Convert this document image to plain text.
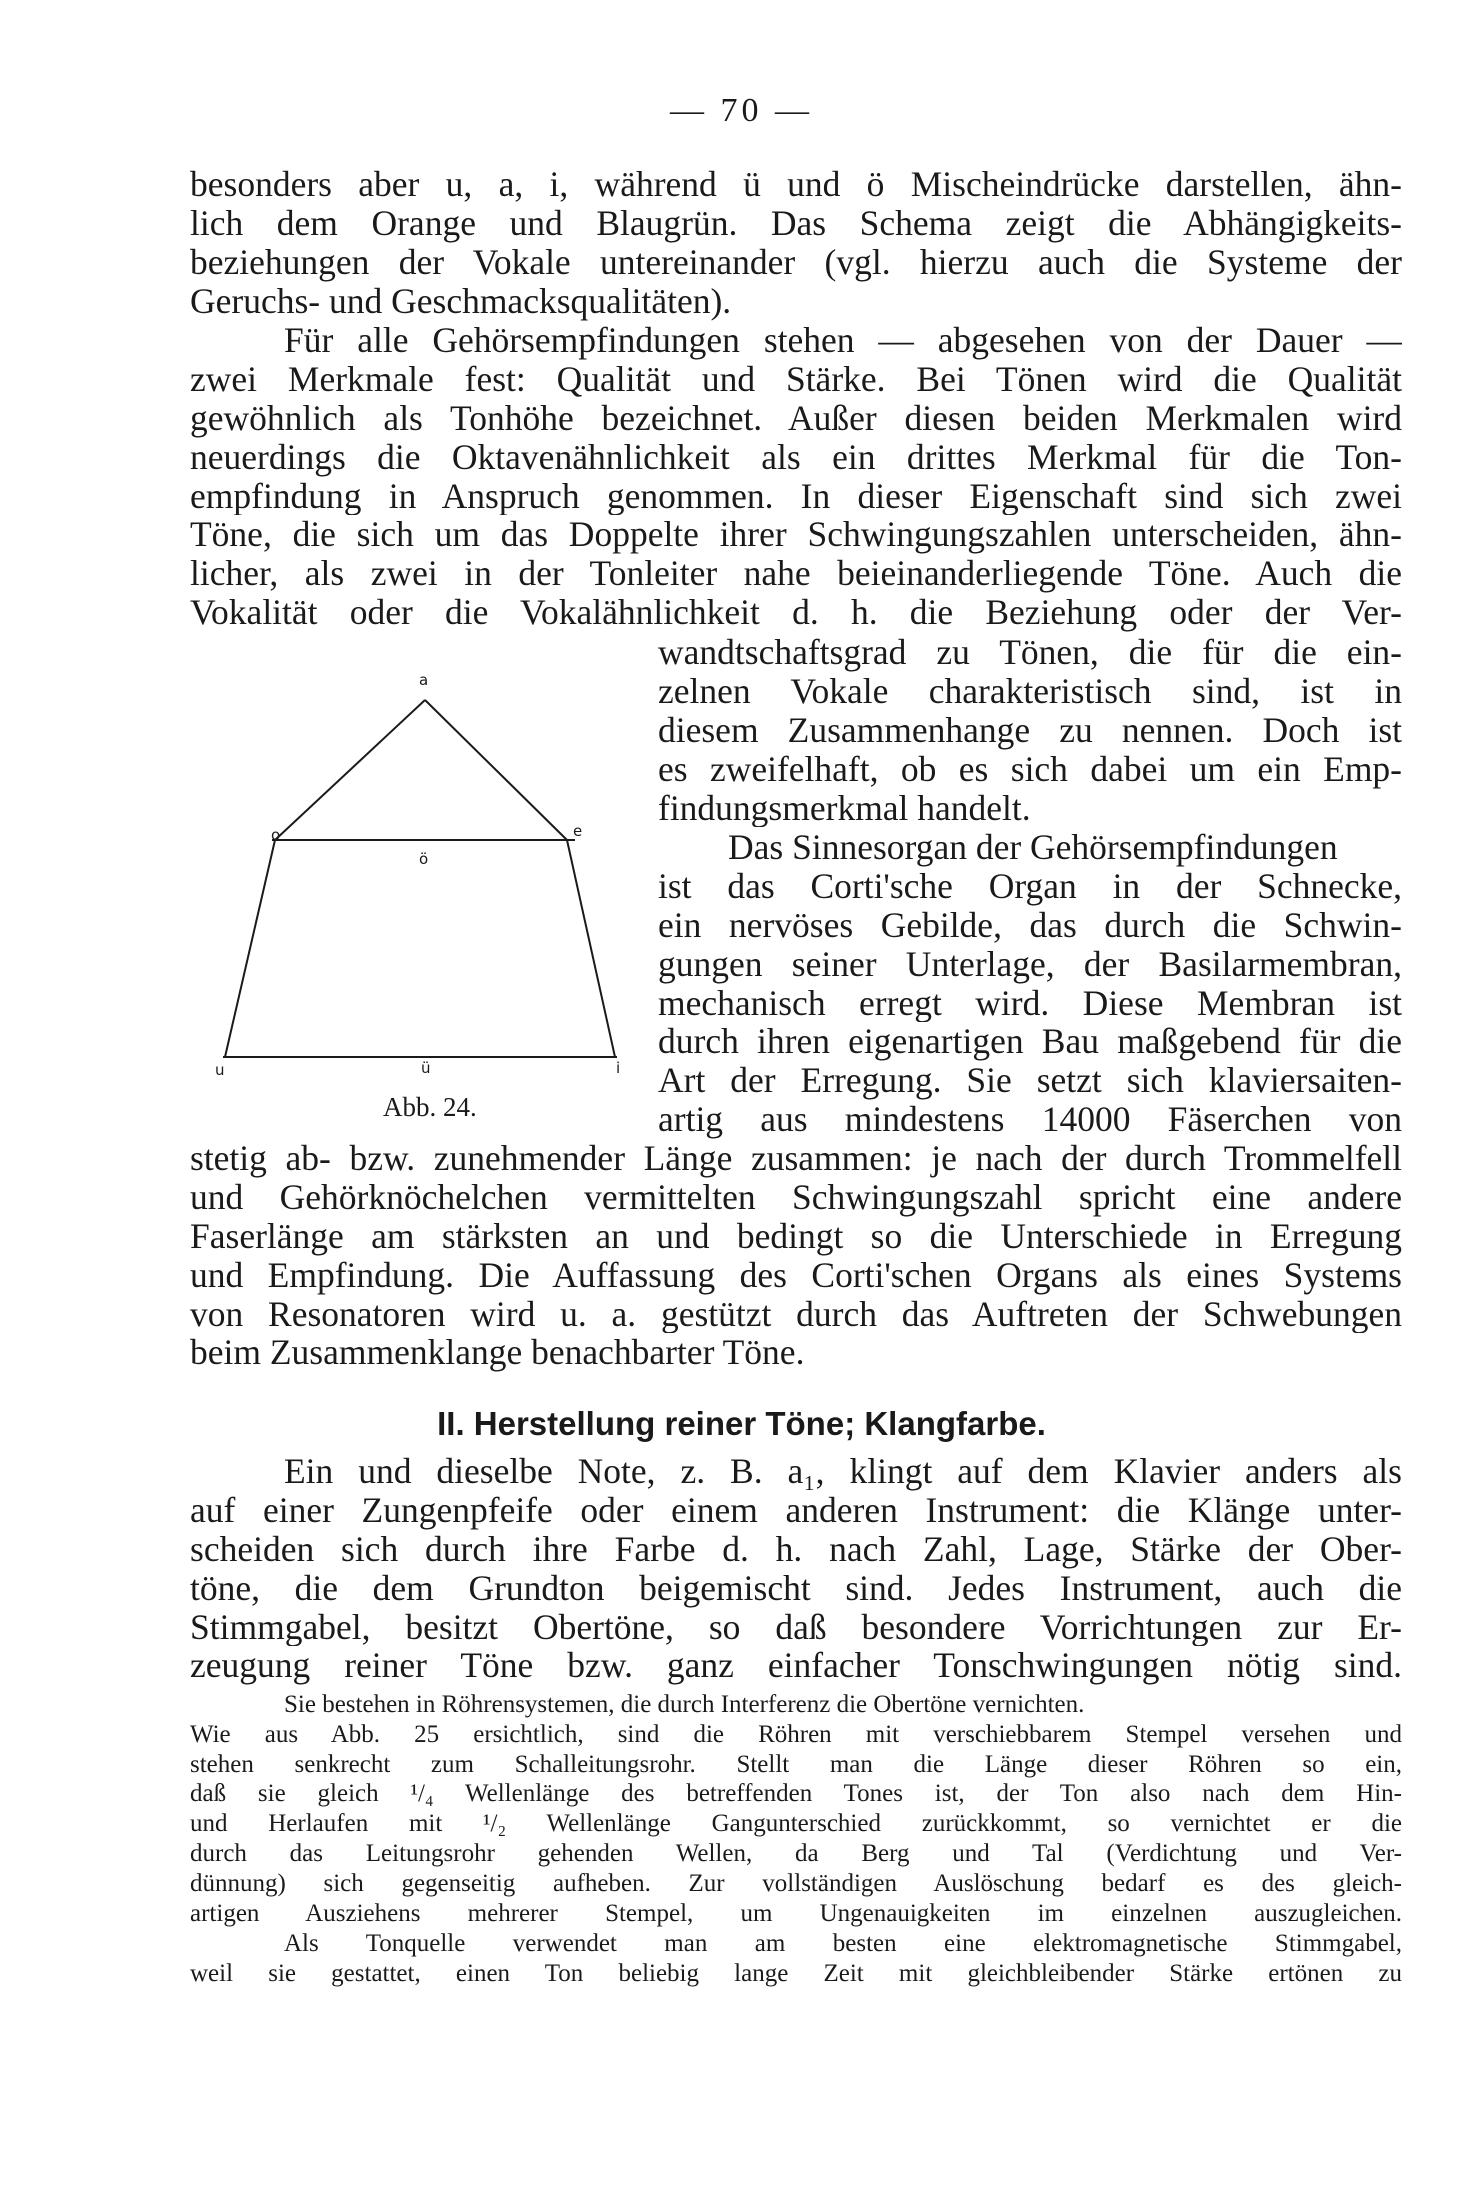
— 70 —
besonders aber u, a, i, während ü und ö Mischeindrücke darstellen, ähn-
lich dem Orange und Blaugrün. Das Schema zeigt die Abhängigkeits-
beziehungen der Vokale untereinander (vgl. hierzu auch die Systeme der
Geruchs- und Geschmacksqualitäten).
Für alle Gehörsempfindungen stehen — abgesehen von der Dauer —
zwei Merkmale fest: Qualität und Stärke. Bei Tönen wird die Qualität
gewöhnlich als Tonhöhe bezeichnet. Außer diesen beiden Merkmalen wird
neuerdings die Oktavenähnlichkeit als ein drittes Merkmal für die Ton-
empfindung in Anspruch genommen. In dieser Eigenschaft sind sich zwei
Töne, die sich um das Doppelte ihrer Schwingungszahlen unterscheiden, ähn-
licher, als zwei in der Tonleiter nahe beieinanderliegende Töne. Auch die
Vokalität oder die Vokalähnlichkeit d. h. die Beziehung oder der Ver-
wandtschaftsgrad zu Tönen, die für die ein-
zelnen Vokale charakteristisch sind, ist in
diesem Zusammenhange zu nennen. Doch ist
es zweifelhaft, ob es sich dabei um ein Emp-
findungsmerkmal handelt.
Das Sinnesorgan der Gehörsempfindungen
ist das Corti'sche Organ in der Schnecke,
ein nervöses Gebilde, das durch die Schwin-
gungen seiner Unterlage, der Basilarmembran,
mechanisch erregt wird. Diese Membran ist
durch ihren eigenartigen Bau maßgebend für die
Art der Erregung. Sie setzt sich klaviersaiten-
artig aus mindestens 14000 Fäserchen von
a
o	e
ö
u	ü	i
Abb. 24.
stetig ab- bzw. zunehmender Länge zusammen: je nach der durch Trommelfell
und Gehörknöchelchen vermittelten Schwingungszahl spricht eine andere
Faserlänge am stärksten an und bedingt so die Unterschiede in Erregung
und Empfindung. Die Auffassung des Corti'schen Organs als eines Systems
von Resonatoren wird u. a. gestützt durch das Auftreten der Schwebungen
beim Zusammenklange benachbarter Töne.
II. Herstellung reiner Töne; Klangfarbe.
Ein und dieselbe Note, z. B. a₁, klingt auf dem Klavier anders als
auf einer Zungenpfeife oder einem anderen Instrument: die Klänge unter-
scheiden sich durch ihre Farbe d. h. nach Zahl, Lage, Stärke der Ober-
töne, die dem Grundton beigemischt sind. Jedes Instrument, auch die
Stimmgabel, besitzt Obertöne, so daß besondere Vorrichtungen zur Er-
zeugung reiner Töne bzw. ganz einfacher Tonschwingungen nötig sind.
Sie bestehen in Röhrensystemen, die durch Interferenz die Obertöne vernichten.
Wie aus Abb. 25 ersichtlich, sind die Röhren mit verschiebbarem Stempel versehen und
stehen senkrecht zum Schalleitungsrohr. Stellt man die Länge dieser Röhren so ein,
daß sie gleich ¹/₄ Wellenlänge des betreffenden Tones ist, der Ton also nach dem Hin-
und Herlaufen mit ¹/₂ Wellenlänge Gangunterschied zurückkommt, so vernichtet er die
durch das Leitungsrohr gehenden Wellen, da Berg und Tal (Verdichtung und Ver-
dünnung) sich gegenseitig aufheben. Zur vollständigen Auslöschung bedarf es des gleich-
artigen Ausziehens mehrerer Stempel, um Ungenauigkeiten im einzelnen auszugleichen.
Als Tonquelle verwendet man am besten eine elektromagnetische Stimmgabel,
weil sie gestattet, einen Ton beliebig lange Zeit mit gleichbleibender Stärke ertönen zu
